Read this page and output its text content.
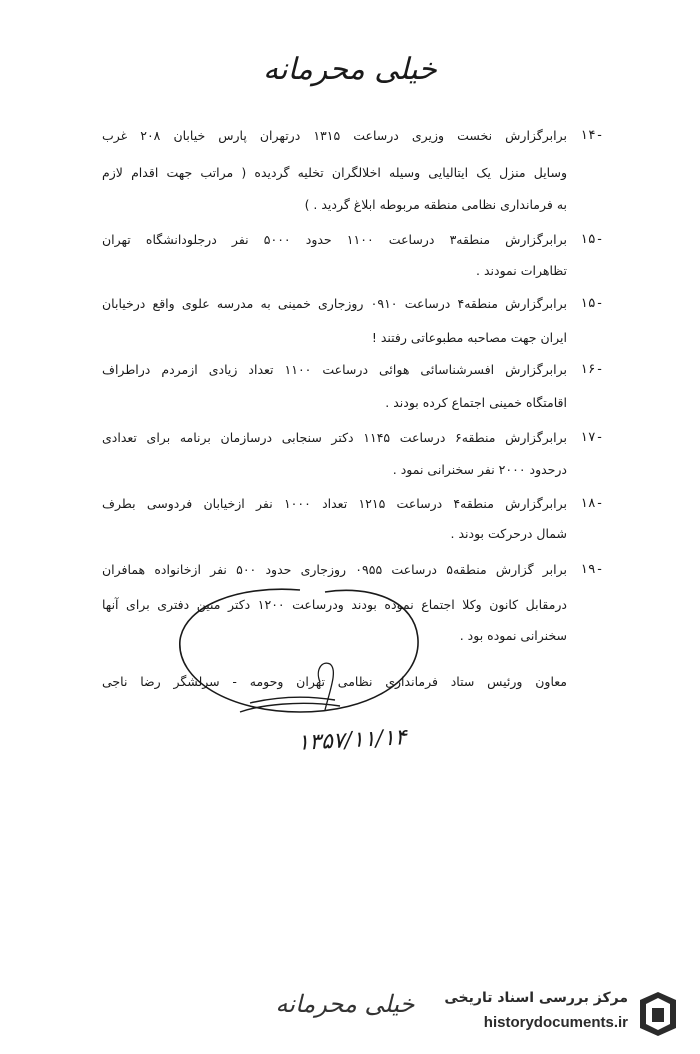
خیلی محرمانه
۱۴-
برابرگزارش نخست وزیری درساعت ۱۳۱۵ درتهران پارس خیابان ۲۰۸ غرب
وسایل منزل یک ایتالیایی وسیله اخلالگران تخلیه گردیده ( مراتب جهت اقدام لازم
به فرمانداری نظامی منطقه مربوطه ابلاغ گردید . )
۱۵-
برابرگزارش منطقه۳ درساعت ۱۱۰۰ حدود ۵۰۰۰ نفر درجلودانشگاه تهران
تظاهرات نمودند .
۱۵-
برابرگزارش منطقه۴ درساعت ۰۹۱۰ روزجاری خمینی به مدرسه علوی واقع درخیابان
ایران جهت مصاحبه مطبوعاتی رفتند !
۱۶-
برابرگزارش افسرشناسائی هوائی درساعت ۱۱۰۰ تعداد زیادی ازمردم دراطراف
اقامتگاه خمینی اجتماع کرده بودند .
۱۷-
برابرگزارش منطقه۶ درساعت ۱۱۴۵ دکتر سنجابی درسازمان برنامه برای تعدادی
درحدود ۲۰۰۰ نفر سخنرانی نمود .
۱۸-
برابرگزارش منطقه۴ درساعت ۱۲۱۵ تعداد ۱۰۰۰ نفر ازخیابان فردوسی بطرف
شمال درحرکت بودند .
۱۹-
برابر گزارش منطقه۵ درساعت ۰۹۵۵ روزجاری حدود ۵۰۰ نفر ازخانواده همافران
درمقابل کانون وکلا اجتماع نموده بودند ودرساعت ۱۲۰۰ دکتر متین دفتری برای آنها
سخنرانی نموده بود .
معاون ورئیس ستاد فرمانداری نظامی تهران وحومه - سرلشگر رضا ناجی
۱۳۵۷/۱۱/۱۴
خیلی محرمانه	مرکز بررسی اسناد تاریخی
historydocuments.ir
